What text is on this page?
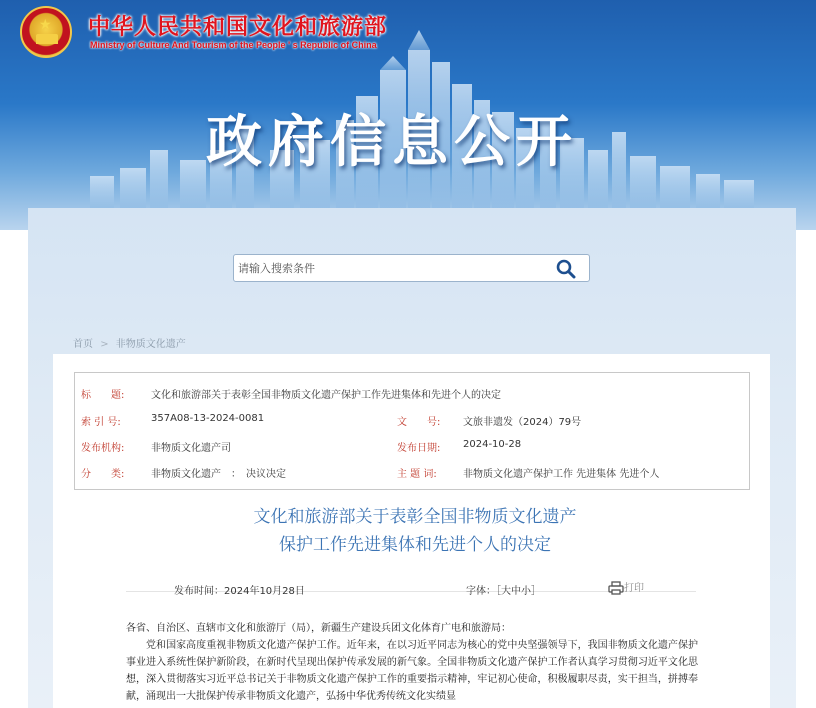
★ 中华人民共和国文化和旅游部
Ministry of Culture And Tourism of the People ' s Republic of China
政府信息公开
请输入搜索条件
首页 > 非物质文化遗产
标　　题:	文化和旅游部关于表彰全国非物质文化遗产保护工作先进集体和先进个人的决定
索 引 号:	357A08-13-2024-0081	文　　号: 文旅非遗发（2024）79号
发布机构:	非物质文化遗产司	发布日期: 2024-10-28
分　　类:	非物质文化遗产　：　决议决定	主 题 词:	非物质文化遗产保护工作 先进集体 先进个人
文化和旅游部关于表彰全国非物质文化遗产
保护工作先进集体和先进个人的决定
发布时间：2024年10月28日	字体：［大中小］	打印

各省、自治区、直辖市文化和旅游厅（局），新疆生产建设兵团文化体育广电和旅游局：

党和国家高度重视非物质文化遗产保护工作。近年来，在以习近平同志为核心的党中央坚强领导下，我国非物质文化遗产保护事业进入系统性保护新阶段，在新时代呈现出保护传承发展的新气象。全国非物质文化遗产保护工作者认真学习贯彻习近平文化思想，深入贯彻落实习近平总书记关于非物质文化遗产保护工作的重要指示精神，牢记初心使命，积极履职尽责，实干担当，拼搏奉献，涌现出一大批保护传承非物质文化遗产，弘扬中华优秀传统文化实绩显
